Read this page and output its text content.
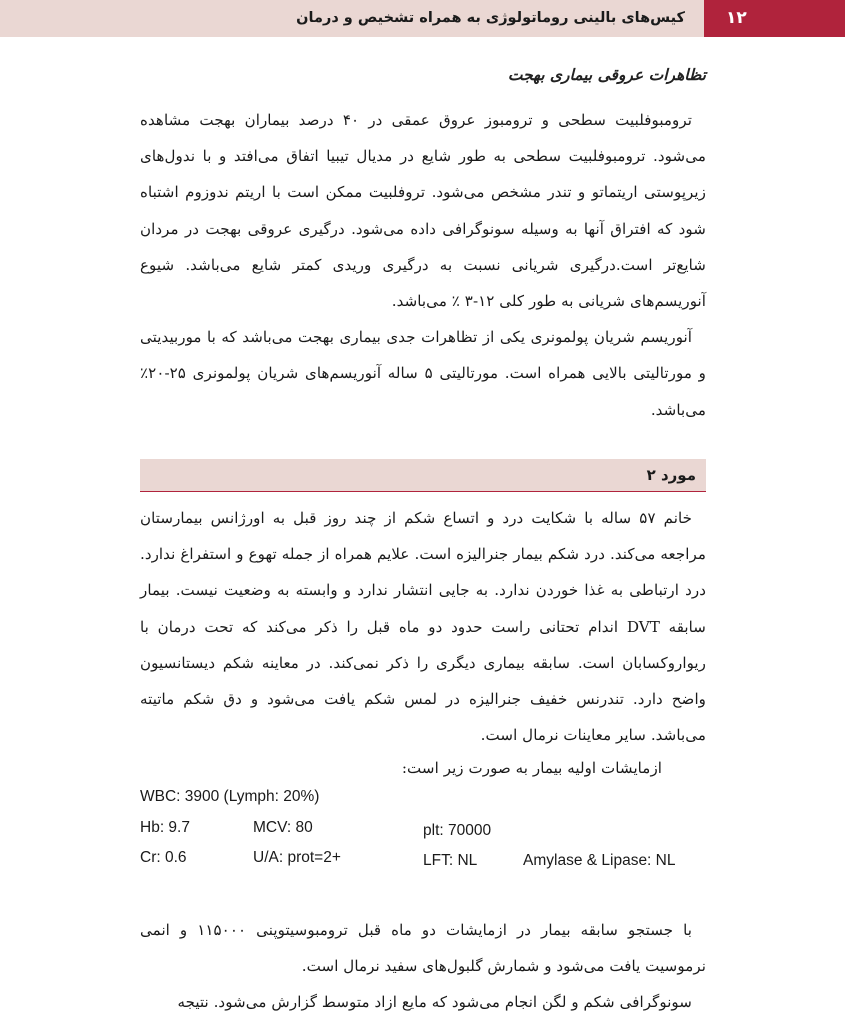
۱۲
کیس‌های بالینی روماتولوژی به همراه تشخیص و درمان
تظاهرات عروقی بیماری بهجت

ترومبوفلبیت سطحی و ترومبوز عروق عمقی در ۴۰ درصد بیماران بهجت مشاهده می‌شود. ترومبوفلبیت سطحی به طور شایع در مدیال تیبیا اتفاق می‌افتد و با ندول‌های زیرپوستی اریتماتو و تندر مشخص می‌شود. تروفلبیت ممکن است با اریتم ندوزوم اشتباه شود که افتراق آنها به وسیله سونوگرافی داده می‌شود. درگیری عروقی بهجت در مردان شایع‌تر است.درگیری شریانی نسبت به درگیری وریدی کمتر شایع می‌باشد. شیوع آنوریسم‌های شریانی به طور کلی ۱۲-۳ ٪ می‌باشد.

آنوریسم شریان پولمونری یکی از تظاهرات جدی بیماری بهجت می‌باشد که با موربیدیتی و مورتالیتی بالایی همراه است. مورتالیتی ۵ ساله آنوریسم‌های شریان پولمونری ۲۵-۲۰٪ می‌باشد.

مورد ۲

خانم ۵۷ ساله با شکایت درد و اتساع شکم از چند روز قبل به اورژانس بیمارستان مراجعه می‌کند. درد شکم بیمار جنرالیزه است. علایم همراه از جمله تهوع و استفراغ ندارد. درد ارتباطی به غذا خوردن ندارد. به جایی انتشار ندارد و وابسته به وضعیت نیست. بیمار سابقه DVT اندام تحتانی راست حدود دو ماه قبل را ذکر می‌کند که تحت درمان با ریواروکسابان است. سابقه بیماری دیگری را ذکر نمی‌کند. در معاینه شکم دیستانسیون واضح دارد. تندرنس خفیف جنرالیزه در لمس شکم یافت می‌شود و دق شکم ماتیته می‌باشد. سایر معاینات نرمال است.

ازمایشات اولیه بیمار به صورت زیر است:

WBC: 3900 (Lymph: 20%)
Hb: 9.7	MCV: 80	plt: 70000
Cr: 0.6	U/A: prot=2+	LFT: NL	Amylase & Lipase: NL

با جستجو سابقه بیمار در ازمایشات دو ماه قبل ترومبوسیتوپنی ۱۱۵۰۰۰ و انمی نرموسیت یافت می‌شود و شمارش گلبول‌های سفید نرمال است.

سونوگرافی شکم و لگن انجام می‌شود که مایع ازاد متوسط گزارش می‌شود. نتیجه
